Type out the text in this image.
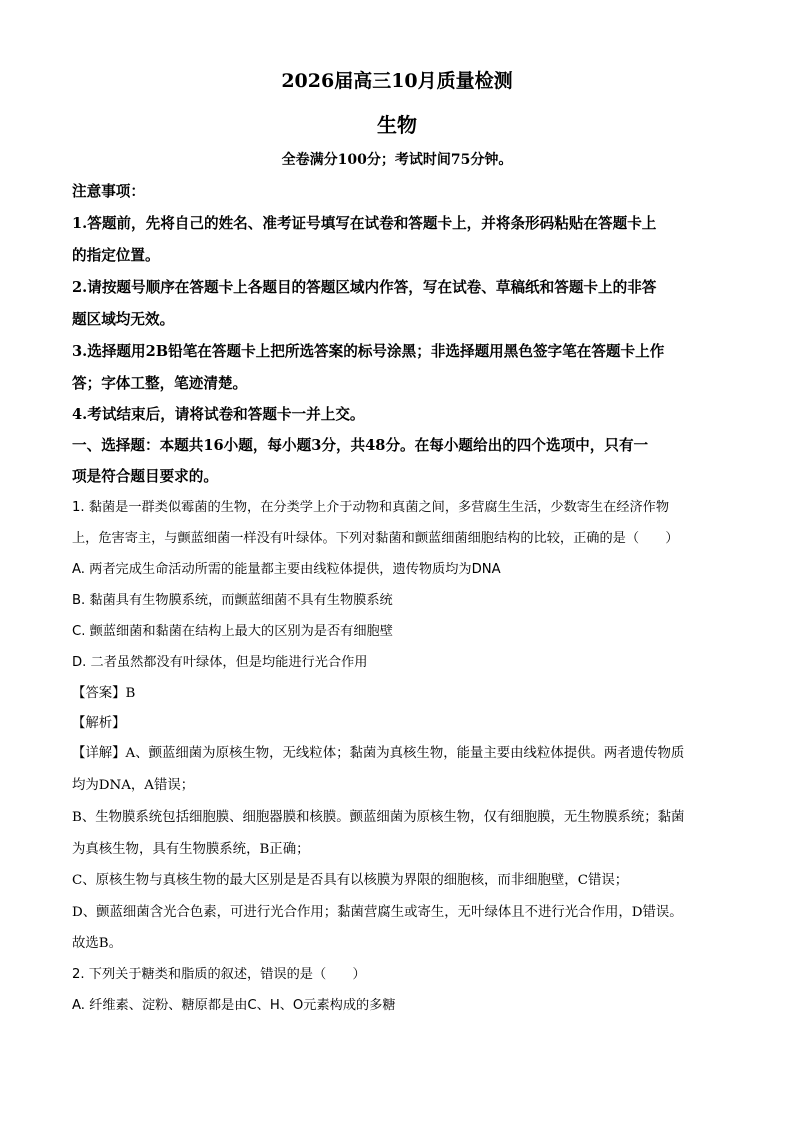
2026届高三10月质量检测
生物
全卷满分100分；考试时间75分钟。
注意事项：
1.答题前，先将自己的姓名、准考证号填写在试卷和答题卡上，并将条形码粘贴在答题卡上
的指定位置。
2.请按题号顺序在答题卡上各题目的答题区域内作答，写在试卷、草稿纸和答题卡上的非答
题区域均无效。
3.选择题用2B铅笔在答题卡上把所选答案的标号涂黑；非选择题用黑色签字笔在答题卡上作
答；字体工整，笔迹清楚。
4.考试结束后，请将试卷和答题卡一并上交。
一、选择题：本题共16小题，每小题3分，共48分。在每小题给出的四个选项中，只有一
项是符合题目要求的。
1. 黏菌是一群类似霉菌的生物，在分类学上介于动物和真菌之间，多营腐生生活，少数寄生在经济作物
上，危害寄主，与颤蓝细菌一样没有叶绿体。下列对黏菌和颤蓝细菌细胞结构的比较，正确的是（　　）
A. 两者完成生命活动所需的能量都主要由线粒体提供，遗传物质均为DNA
B. 黏菌具有生物膜系统，而颤蓝细菌不具有生物膜系统
C. 颤蓝细菌和黏菌在结构上最大的区别为是否有细胞壁
D. 二者虽然都没有叶绿体，但是均能进行光合作用
【答案】B
【解析】
【详解】A、颤蓝细菌为原核生物，无线粒体；黏菌为真核生物，能量主要由线粒体提供。两者遗传物质
均为DNA，A错误；
B、生物膜系统包括细胞膜、细胞器膜和核膜。颤蓝细菌为原核生物，仅有细胞膜，无生物膜系统；黏菌
为真核生物，具有生物膜系统，B正确；
C、原核生物与真核生物的最大区别是是否具有以核膜为界限的细胞核，而非细胞壁，C错误；
D、颤蓝细菌含光合色素，可进行光合作用；黏菌营腐生或寄生，无叶绿体且不进行光合作用，D错误。
故选B。
2. 下列关于糖类和脂质的叙述，错误的是（　　）
A. 纤维素、淀粉、糖原都是由C、H、O元素构成的多糖
